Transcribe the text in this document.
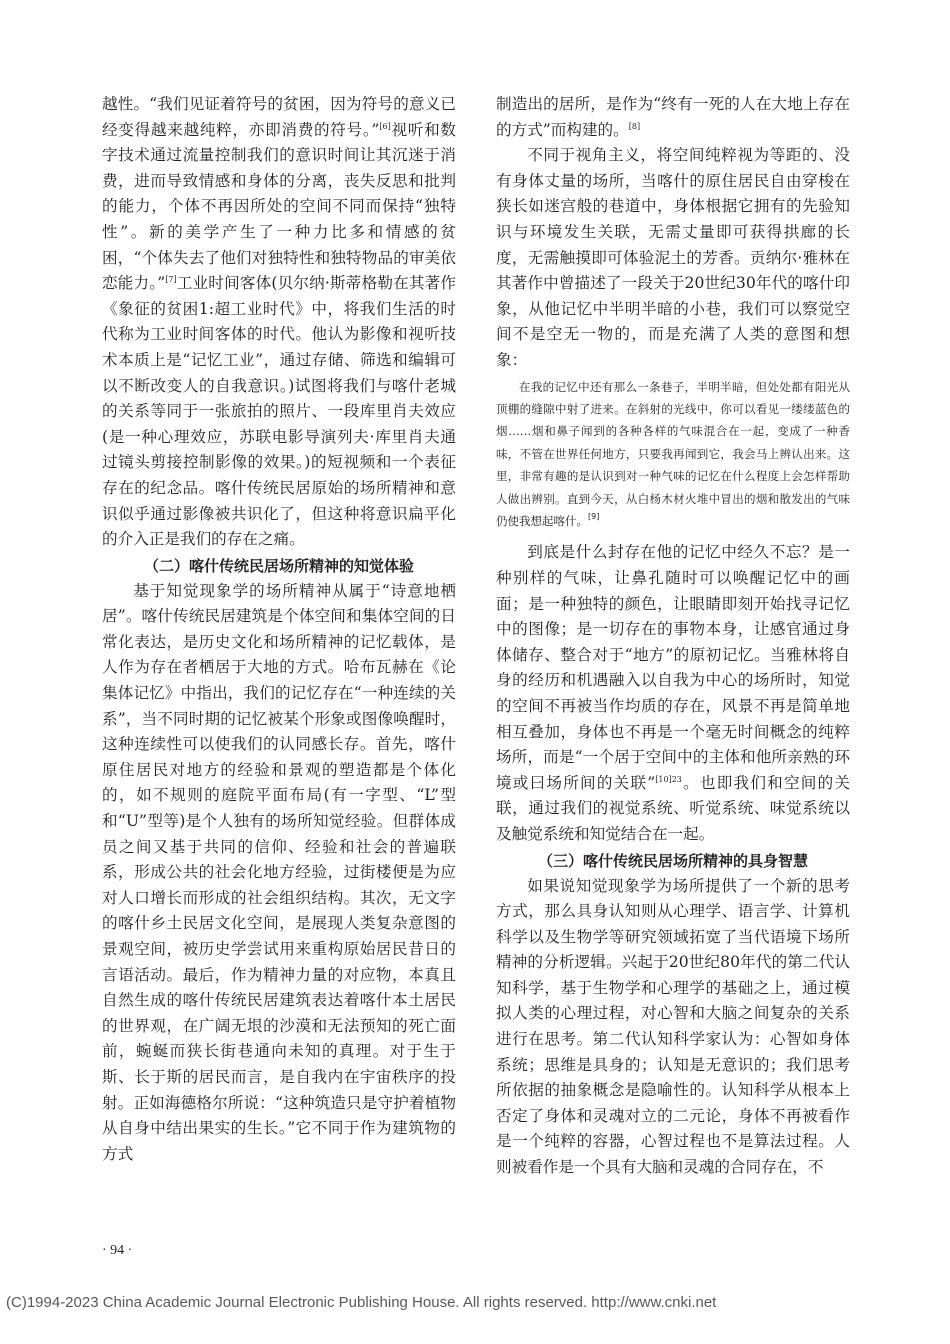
越性。“我们见证着符号的贫困，因为符号的意义已经变得越来越纯粹，亦即消费的符号。”[6]视听和数字技术通过流量控制我们的意识时间让其沉迷于消费，进而导致情感和身体的分离，丧失反思和批判的能力，个体不再因所处的空间不同而保持“独特性”。新的美学产生了一种力比多和情感的贫困，“个体失去了他们对独特性和独特物品的审美依恋能力。”[7]工业时间客体(贝尔纳·斯蒂格勒在其著作《象征的贫困1:超工业时代》中，将我们生活的时代称为工业时间客体的时代。他认为影像和视听技术本质上是“记忆工业”，通过存储、筛选和编辑可以不断改变人的自我意识。)试图将我们与喀什老城的关系等同于一张旅拍的照片、一段库里肖夫效应(是一种心理效应，苏联电影导演列夫·库里肖夫通过镜头剪接控制影像的效果。)的短视频和一个表征存在的纪念品。喀什传统民居原始的场所精神和意识似乎通过影像被共识化了，但这种将意识扁平化的介入正是我们的存在之痛。

（二）喀什传统民居场所精神的知觉体验

基于知觉现象学的场所精神从属于“诗意地栖居”。喀什传统民居建筑是个体空间和集体空间的日常化表达，是历史文化和场所精神的记忆载体，是人作为存在者栖居于大地的方式。哈布瓦赫在《论集体记忆》中指出，我们的记忆存在“一种连续的关系”，当不同时期的记忆被某个形象或图像唤醒时，这种连续性可以使我们的认同感长存。首先，喀什原住居民对地方的经验和景观的塑造都是个体化的，如不规则的庭院平面布局(有一字型、“L”型和“U”型等)是个人独有的场所知觉经验。但群体成员之间又基于共同的信仰、经验和社会的普遍联系，形成公共的社会化地方经验，过街楼便是为应对人口增长而形成的社会组织结构。其次，无文字的喀什乡土民居文化空间，是展现人类复杂意图的景观空间，被历史学尝试用来重构原始居民昔日的言语活动。最后，作为精神力量的对应物，本真且自然生成的喀什传统民居建筑表达着喀什本土居民的世界观，在广阔无垠的沙漠和无法预知的死亡面前，蜿蜒而狭长街巷通向未知的真理。对于生于斯、长于斯的居民而言，是自我内在宇宙秩序的投射。正如海德格尔所说：“这种筑造只是守护着植物从自身中结出果实的生长。”它不同于作为建筑物的方式

制造出的居所，是作为“终有一死的人在大地上存在的方式”而构建的。[8]

不同于视角主义，将空间纯粹视为等距的、没有身体丈量的场所，当喀什的原住居民自由穿梭在狭长如迷宫般的巷道中，身体根据它拥有的先验知识与环境发生关联，无需丈量即可获得拱廊的长度，无需触摸即可体验泥土的芳香。贡纳尔·雅林在其著作中曾描述了一段关于20世纪30年代的喀什印象，从他记忆中半明半暗的小巷，我们可以察觉空间不是空无一物的，而是充满了人类的意图和想象：

在我的记忆中还有那么一条巷子，半明半暗，但处处都有阳光从顶棚的缝隙中射了进来。在斜射的光线中，你可以看见一缕缕蓝色的烟……烟和鼻子闻到的各种各样的气味混合在一起，变成了一种香味，不管在世界任何地方，只要我再闻到它，我会马上辨认出来。这里，非常有趣的是认识到对一种气味的记忆在什么程度上会怎样帮助人做出辨别。直到今天，从白杨木材火堆中冒出的烟和散发出的气味仍使我想起喀什。[9]

到底是什么封存在他的记忆中经久不忘？是一种别样的气味，让鼻孔随时可以唤醒记忆中的画面；是一种独特的颜色，让眼睛即刻开始找寻记忆中的图像；是一切存在的事物本身，让感官通过身体储存、整合对于“地方”的原初记忆。当雅林将自身的经历和机遇融入以自我为中心的场所时，知觉的空间不再被当作均质的存在，风景不再是简单地相互叠加，身体也不再是一个毫无时间概念的纯粹场所，而是“一个居于空间中的主体和他所亲熟的环境或曰场所间的关联”$^{[10]23}$。也即我们和空间的关联，通过我们的视觉系统、听觉系统、味觉系统以及触觉系统和知觉结合在一起。

（三）喀什传统民居场所精神的具身智慧

如果说知觉现象学为场所提供了一个新的思考方式，那么具身认知则从心理学、语言学、计算机科学以及生物学等研究领域拓宽了当代语境下场所精神的分析逻辑。兴起于20世纪80年代的第二代认知科学，基于生物学和心理学的基础之上，通过模拟人类的心理过程，对心智和大脑之间复杂的关系进行在思考。第二代认知科学家认为：心智如身体系统；思维是具身的；认知是无意识的；我们思考所依据的抽象概念是隐喻性的。认知科学从根本上否定了身体和灵魂对立的二元论，身体不再被看作是一个纯粹的容器，心智过程也不是算法过程。人则被看作是一个具有大脑和灵魂的合同存在，不

· 94 ·
(C)1994-2023 China Academic Journal Electronic Publishing House. All rights reserved. http://www.cnki.net
